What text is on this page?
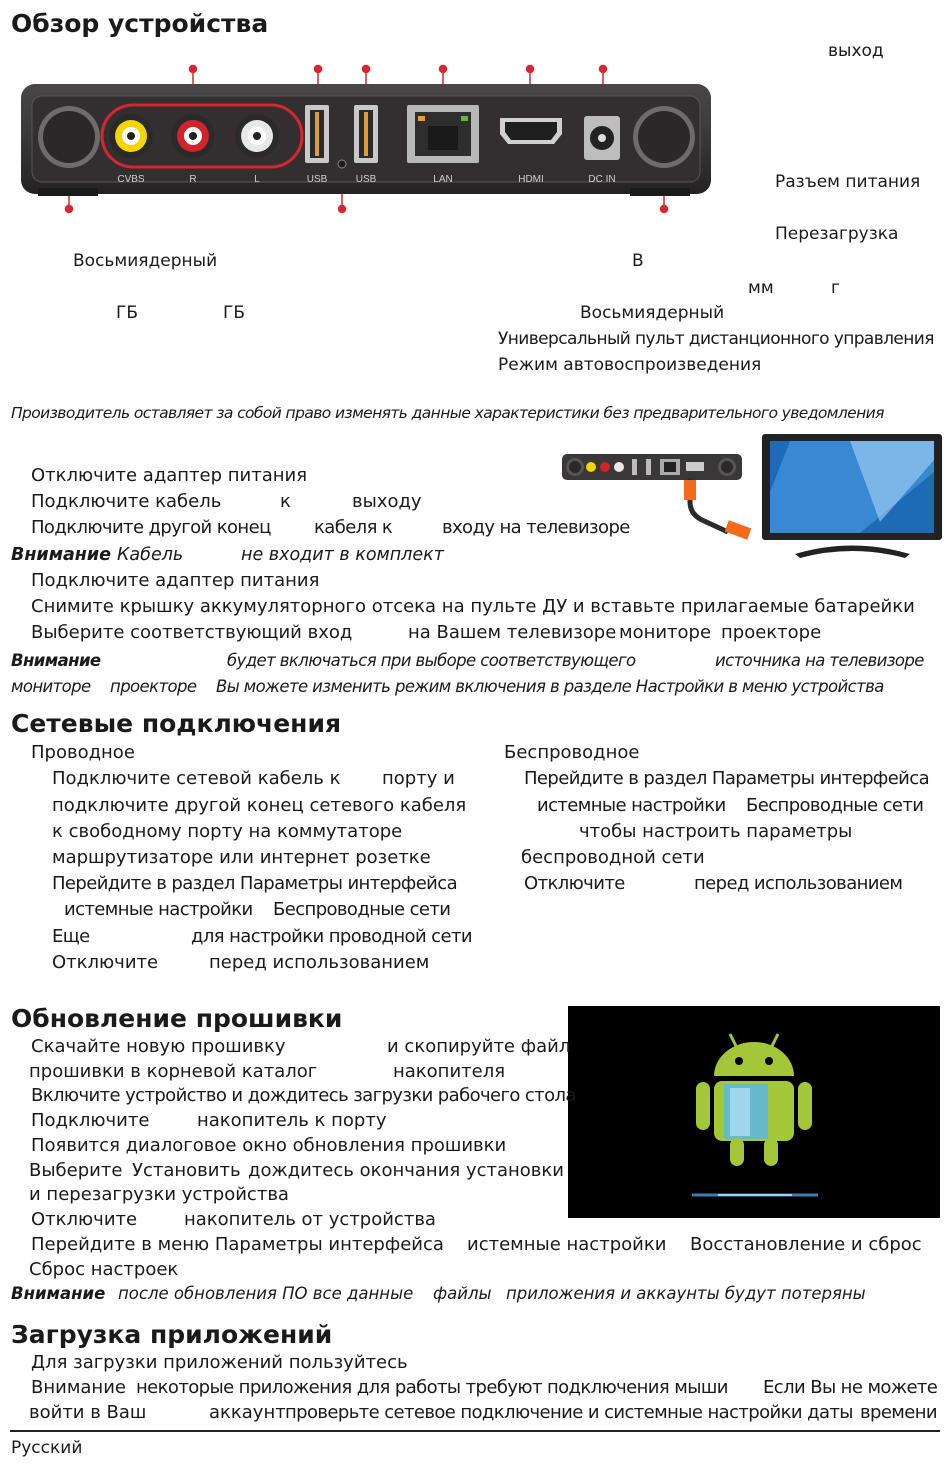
Обзор устройства
CVBS	R	L	USB	USB	LAN	HDMI	DC IN
выход
Разъем питания
Перезагрузка
Восьмиядерный	В
мм	г
ГБ	ГБ	Восьмиядерный
Универсальный пульт дистанционного управления
Режим автовоспроизведения
Производитель оставляет за собой право изменять данные характеристики без предварительного уведомления
Отключите адаптер питания
Подключите кабель	к	выходу
Подключите другой конец кабеля к	входу на телевизоре
Внимание Кабель	не входит в комплект
Подключите адаптер питания
Снимите крышку аккумуляторного отсека на пульте ДУ и вставьте прилагаемые батарейки
Выберите соответствующий вход	на Вашем телевизоре мониторе проекторе
Внимание	будет включаться при выборе соответствующего	источника на телевизоре
мониторе проекторе Вы можете изменить режим включения в разделе Настройки в меню устройства
Сетевые подключения
Проводное
Подключите сетевой кабель к порту и
подключите другой конец сетевого кабеля
к свободному порту на коммутаторе
маршрутизаторе или интернет розетке
Перейдите в раздел Параметры интерфейса
истемные настройки Беспроводные сети
Еще	для настройки проводной сети
Отключите	перед использованием
Беспроводное
Перейдите в раздел Параметры интерфейса
истемные настройки Беспроводные сети
чтобы настроить параметры
беспроводной сети
Отключите	перед использованием
Обновление прошивки
Скачайте новую прошивку	и скопируйте файл
прошивки в корневой каталог	накопителя
Включите устройство и дождитесь загрузки рабочего стола
Подключите	накопитель к порту
Появится диалоговое окно обновления прошивки
Выберите Установить дождитесь окончания установки
и перезагрузки устройства
Отключите	накопитель от устройства
Перейдите в меню Параметры интерфейса истемные настройки Восстановление и сброс
Сброс настроек
Внимание после обновления ПО все данные файлы приложения и аккаунты будут потеряны
Загрузка приложений
Для загрузки приложений пользуйтесь
Внимание некоторые приложения для работы требуют подключения мыши Если Вы не можете
войти в Ваш	аккаунт проверьте сетевое подключение и системные настройки даты времени
Русский
